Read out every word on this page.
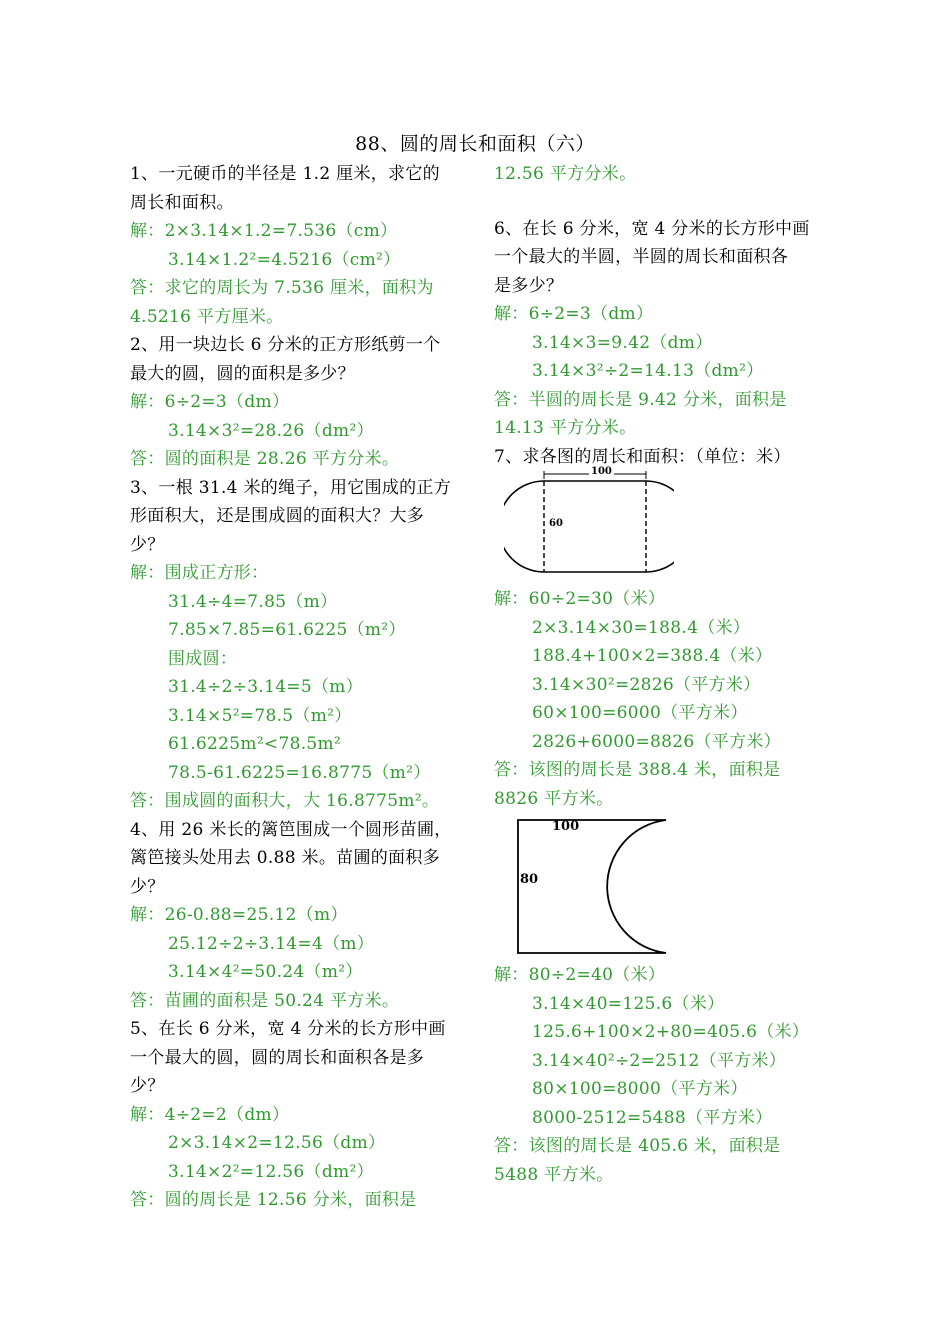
88、圆的周长和面积（六）
1、一元硬币的半径是 1.2 厘米，求它的
周长和面积。
解：2×3.14×1.2=7.536（cm）
3.14×1.2²=4.5216（cm²）
答：求它的周长为 7.536 厘米，面积为
4.5216 平方厘米。
2、用一块边长 6 分米的正方形纸剪一个
最大的圆，圆的面积是多少？
解：6÷2=3（dm）
3.14×3²=28.26（dm²）
答：圆的面积是 28.26 平方分米。
3、一根 31.4 米的绳子，用它围成的正方
形面积大，还是围成圆的面积大？大多
少？
解：围成正方形：
31.4÷4=7.85（m）
7.85×7.85=61.6225（m²）
围成圆：
31.4÷2÷3.14=5（m）
3.14×5²=78.5（m²）
61.6225m²<78.5m²
78.5-61.6225=16.8775（m²）
答：围成圆的面积大，大 16.8775m²。
4、用 26 米长的篱笆围成一个圆形苗圃，
篱笆接头处用去 0.88 米。苗圃的面积多
少？
解：26-0.88=25.12（m）
25.12÷2÷3.14=4（m）
3.14×4²=50.24（m²）
答：苗圃的面积是 50.24 平方米。
5、在长 6 分米，宽 4 分米的长方形中画
一个最大的圆，圆的周长和面积各是多
少？
解：4÷2=2（dm）
2×3.14×2=12.56（dm）
3.14×2²=12.56（dm²）
答：圆的周长是 12.56 分米，面积是
12.56 平方分米。
6、在长 6 分米，宽 4 分米的长方形中画
一个最大的半圆，半圆的周长和面积各
是多少？
解：6÷2=3（dm）
3.14×3=9.42（dm）
3.14×3²÷2=14.13（dm²）
答：半圆的周长是 9.42 分米，面积是
14.13 平方分米。
7、求各图的周长和面积：（单位：米）
100
60
解：60÷2=30（米）
2×3.14×30=188.4（米）
188.4+100×2=388.4（米）
3.14×30²=2826（平方米）
60×100=6000（平方米）
2826+6000=8826（平方米）
答：该图的周长是 388.4 米，面积是
8826 平方米。
100
80
解：80÷2=40（米）
3.14×40=125.6（米）
125.6+100×2+80=405.6（米）
3.14×40²÷2=2512（平方米）
80×100=8000（平方米）
8000-2512=5488（平方米）
答：该图的周长是 405.6 米，面积是
5488 平方米。
